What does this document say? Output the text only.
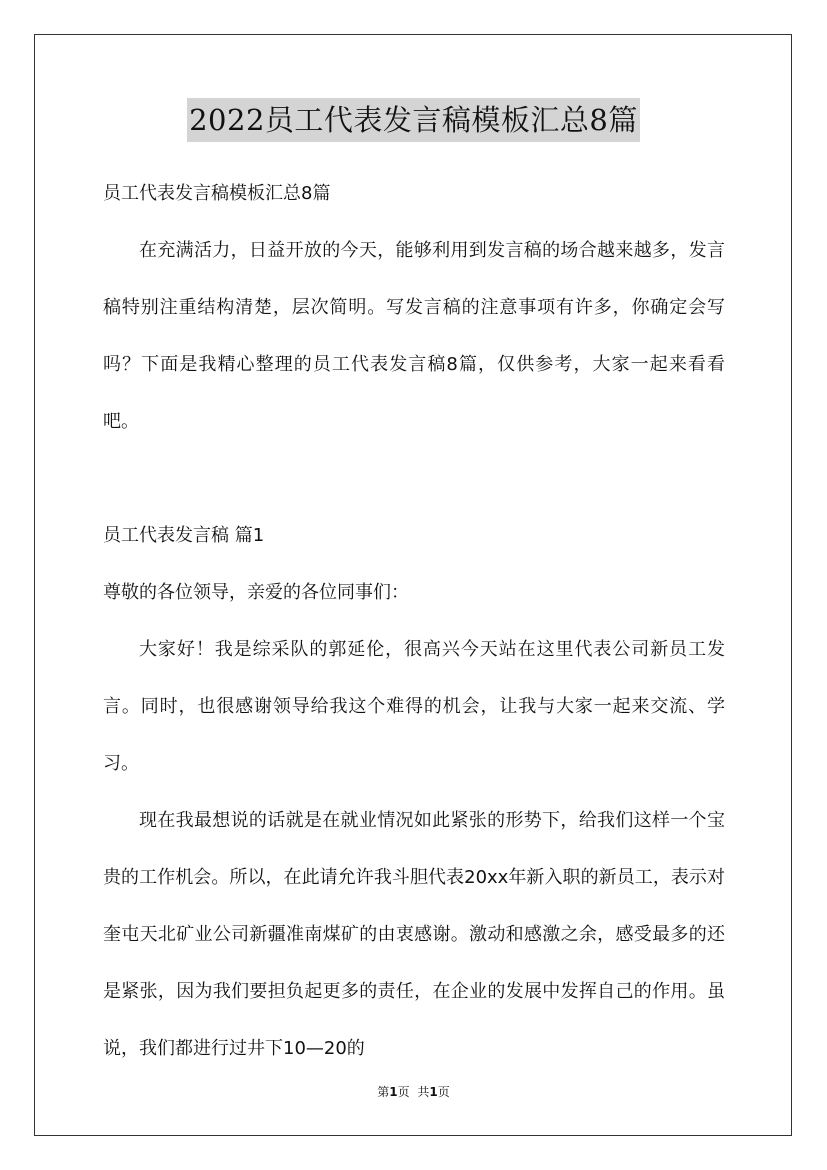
2022员工代表发言稿模板汇总8篇

员工代表发言稿模板汇总8篇

在充满活力，日益开放的今天，能够利用到发言稿的场合越来越多，发言稿特别注重结构清楚，层次简明。写发言稿的注意事项有许多，你确定会写吗？下面是我精心整理的员工代表发言稿8篇，仅供参考，大家一起来看看吧。

员工代表发言稿 篇1

尊敬的各位领导，亲爱的各位同事们：

大家好！我是综采队的郭延伦，很高兴今天站在这里代表公司新员工发言。同时，也很感谢领导给我这个难得的机会，让我与大家一起来交流、学习。

现在我最想说的话就是在就业情况如此紧张的形势下，给我们这样一个宝贵的工作机会。所以，在此请允许我斗胆代表20xx年新入职的新员工，表示对奎屯天北矿业公司新疆准南煤矿的由衷感谢。激动和感激之余，感受最多的还是紧张，因为我们要担负起更多的责任，在企业的发展中发挥自己的作用。虽说，我们都进行过井下10—20的

第1页 共1页
